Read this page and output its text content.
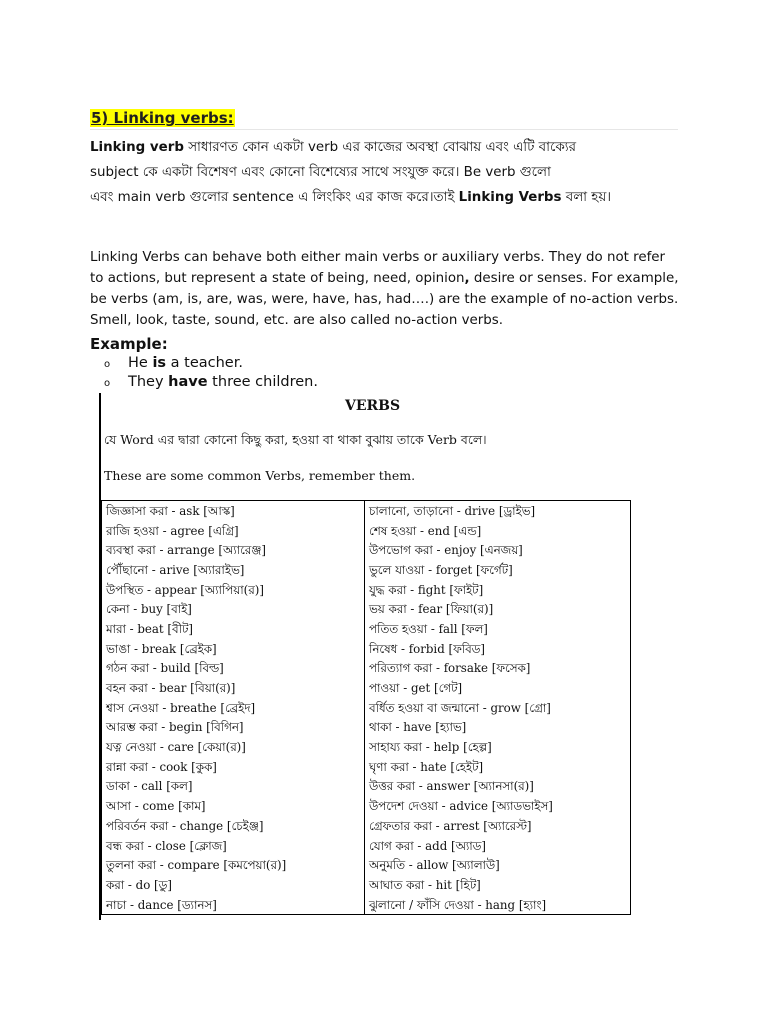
5) Linking verbs:

Linking verb সাধারণত কোন একটা verb এর কাজের অবস্থা বোঝায় এবং এটি বাক্যের
subject কে একটা বিশেষণ এবং কোনো বিশেষ্যের সাথে সংযুক্ত করে। Be verb গুলো
এবং main verb গুলোর sentence এ লিংকিং এর কাজ করে।তাই Linking Verbs বলা হয়।

Linking Verbs can behave both either main verbs or auxiliary verbs. They do not refer to actions, but represent a state of being, need, opinion, desire or senses. For example, be verbs (am, is, are, was, were, have, has, had….) are the example of no-action verbs. Smell, look, taste, sound, etc. are also called no-action verbs.

Example:
o He is a teacher.
o They have three children.
VERBS
যে Word এর দ্বারা কোনো কিছু করা, হওয়া বা থাকা বুঝায় তাকে Verb বলে।
These are some common Verbs, remember them.
জিজ্ঞাসা করা - ask [আস্ক]	চালানো, তাড়ানো - drive [ড্রাইভ]
রাজি হওয়া - agree [এগ্রি]	শেষ হওয়া - end [এন্ড]
ব্যবস্থা করা - arrange [অ্যারেঞ্জ]	উপভোগ করা - enjoy [এনজয়]
পৌঁছানো - arive [অ্যারাইভ]	ভুলে যাওয়া - forget [ফর্গেট]
উপস্থিত - appear [অ্যাপিয়া(র)]	যুদ্ধ করা - fight [ফাইট]
কেনা - buy [বাই]	ভয় করা - fear [ফিয়া(র)]
মারা - beat [বীট]	পতিত হওয়া - fall [ফল]
ভাঙা - break [ব্রেইক]	নিষেধ - forbid [ফবিড]
গঠন করা - build [বিল্ড]	পরিত্যাগ করা - forsake [ফসেক]
বহন করা - bear [বিয়া(র)]	পাওয়া - get [গেট]
শ্বাস নেওয়া - breathe [ব্রেইদ]	বর্ধিত হওয়া বা জন্মানো - grow [গ্রো]
আরম্ভ করা - begin [বিগিন]	থাকা - have [হ্যাভ]
যত্ন নেওয়া - care [কেয়া(র)]	সাহায্য করা - help [হেল্প]
রান্না করা - cook [কুক]	ঘৃণা করা - hate [হেইট]
ডাকা - call [কল]	উত্তর করা - answer [অ্যানসা(র)]
আসা - come [কাম]	উপদেশ দেওয়া - advice [অ্যাডভাইস]
পরিবর্তন করা - change [চেইঞ্জ]	গ্রেফতার করা - arrest [অ্যারেস্ট]
বন্ধ করা - close [ক্লোজ]	যোগ করা - add [অ্যাড]
তুলনা করা - compare [কমপেয়া(র)]	অনুমতি - allow [অ্যালাউ]
করা - do [ডু]	আঘাত করা - hit [হিট]
নাচা - dance [ড্যানস]	ঝুলানো / ফাঁসি দেওয়া - hang [হ্যাং]
